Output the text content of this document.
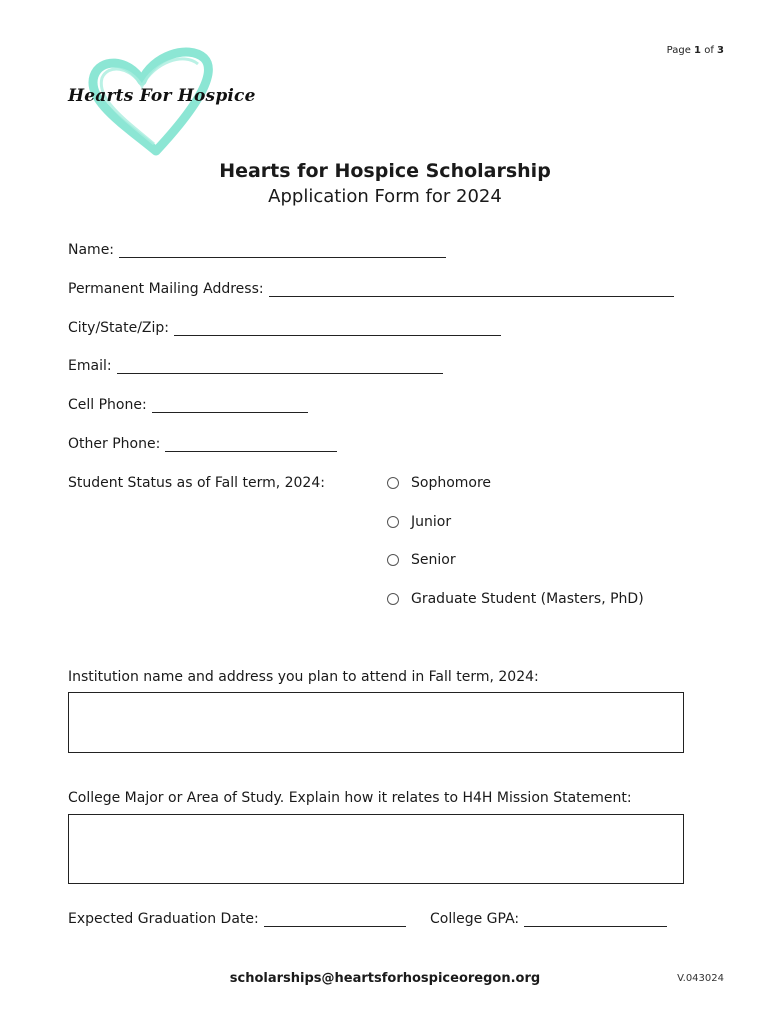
Page 1 of 3
Hearts For Hospice
Hearts for Hospice Scholarship
Application Form for 2024
Name:
Permanent Mailing Address:
City/State/Zip:
Email:
Cell Phone:
Other Phone:
Student Status as of Fall term, 2024:	Sophomore
Junior
Senior
Graduate Student (Masters, PhD)
Institution name and address you plan to attend in Fall term, 2024:
College Major or Area of Study. Explain how it relates to H4H Mission Statement:
Expected Graduation Date:	College GPA:
scholarships@heartsforhospiceoregon.org	V.043024
